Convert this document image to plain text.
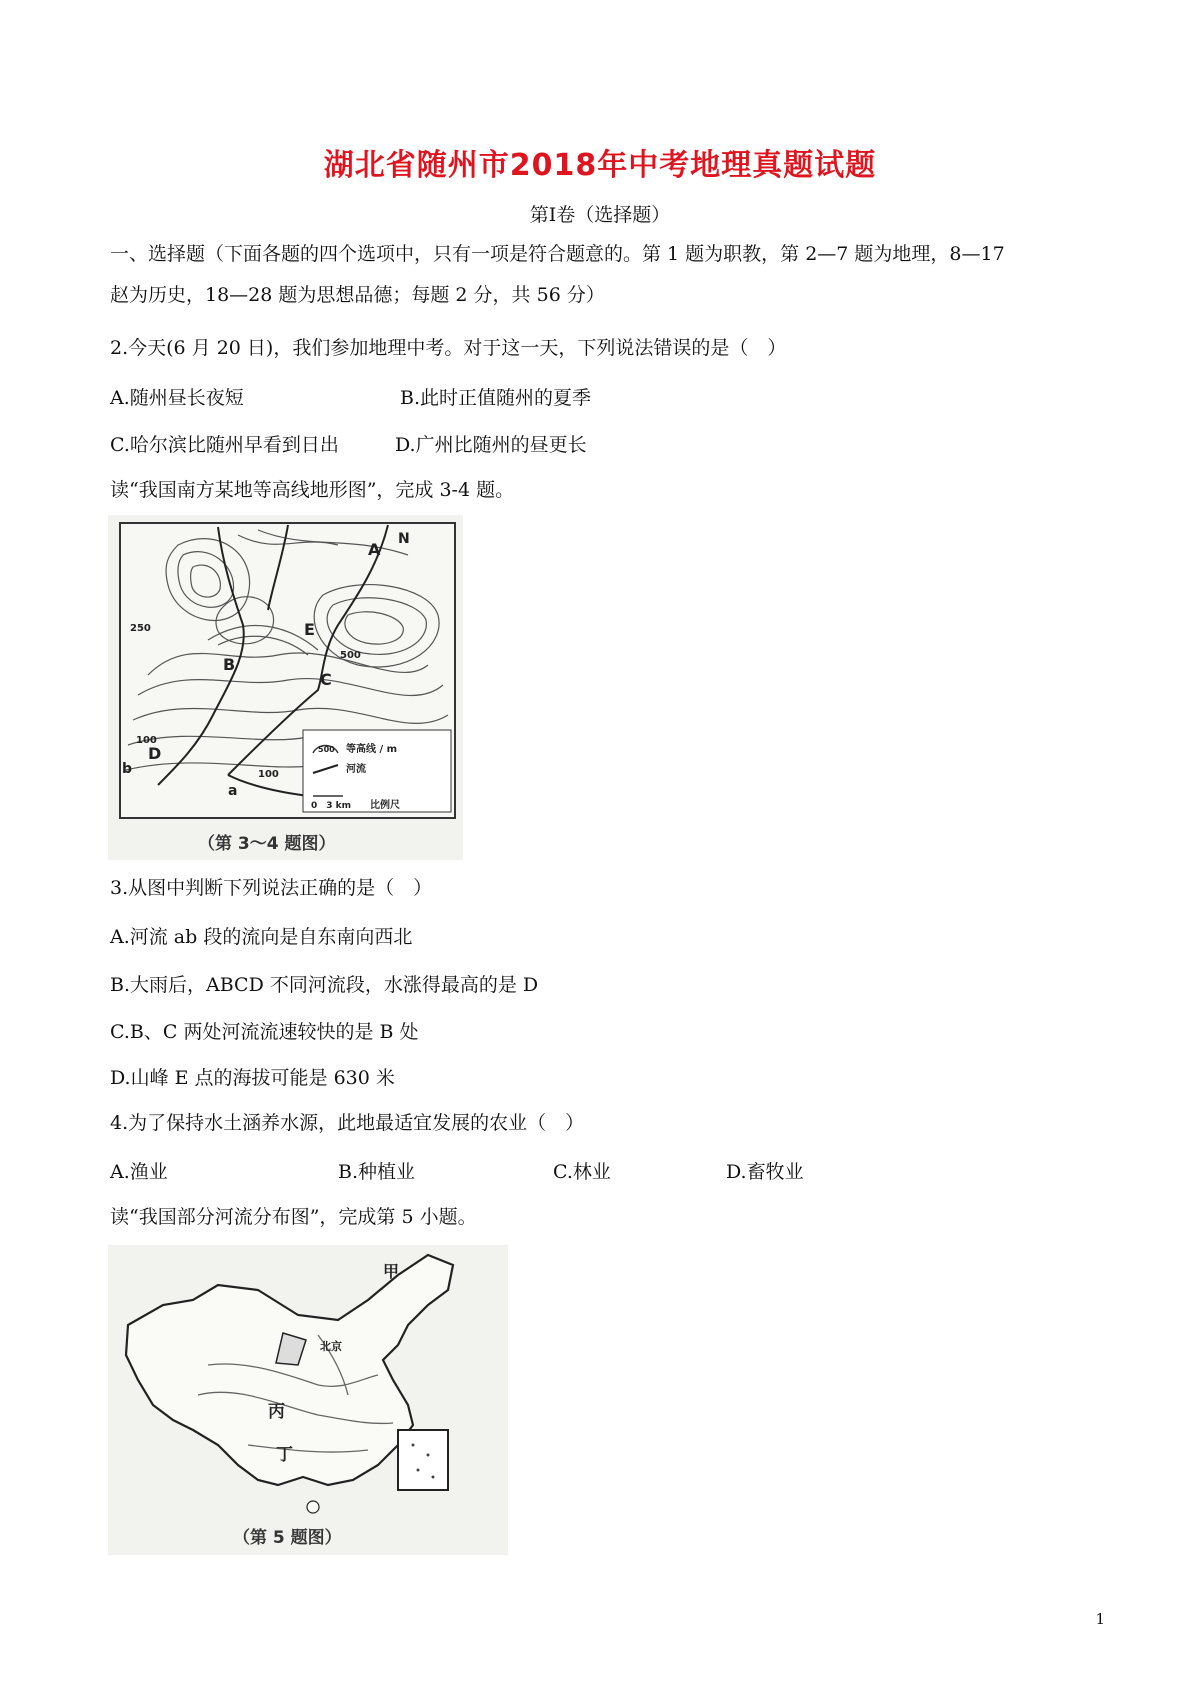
湖北省随州市2018年中考地理真题试题
第Ⅰ卷（选择题）
一、选择题（下面各题的四个选项中，只有一项是符合题意的。第 1 题为职教，第 2—7 题为地理，8—17
赵为历史，18—28 题为思想品德；每题 2 分，共 56 分）
2.今天(6 月 20 日)，我们参加地理中考。对于这一天，下列说法错误的是（　）
A.随州昼长夜短	B.此时正值随州的夏季
C.哈尔滨比随州早看到日出	D.广州比随州的昼更长
读“我国南方某地等高线地形图”，完成 3-4 题。
A
B
C
D
E
N
a
b
250
500
100
100
500 等高线 / m
河流
0　3 km 比例尺
（第 3～4 题图）
3.从图中判断下列说法正确的是（　）
A.河流 ab 段的流向是自东南向西北
B.大雨后，ABCD 不同河流段，水涨得最高的是 D
C.B、C 两处河流流速较快的是 B 处
D.山峰 E 点的海拔可能是 630 米
4.为了保持水土涵养水源，此地最适宜发展的农业（　）
A.渔业	B.种植业	C.林业	D.畜牧业
读“我国部分河流分布图”，完成第 5 小题。
甲
北京
丙
丁
（第 5 题图）
1
